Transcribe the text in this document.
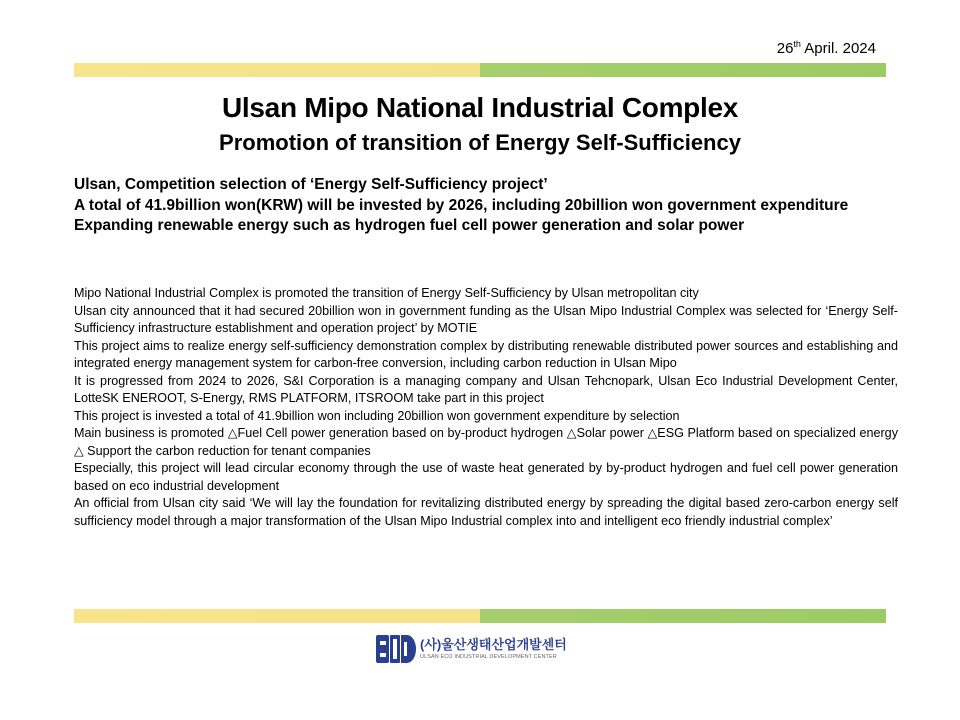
26th April. 2024
Ulsan Mipo National Industrial Complex
Promotion of transition of Energy Self-Sufficiency
Ulsan, Competition selection of ‘Energy Self-Sufficiency project’
A total of 41.9billion won(KRW) will be invested by 2026, including 20billion won government expenditure
Expanding renewable energy such as hydrogen fuel cell power generation and solar power

Mipo National Industrial Complex is promoted the transition of Energy Self-Sufficiency by Ulsan metropolitan city

Ulsan city announced that it had secured 20billion won in government funding as the Ulsan Mipo Industrial Complex was selected for ‘Energy Self-Sufficiency infrastructure establishment and operation project’ by MOTIE

This project aims to realize energy self-sufficiency demonstration complex by distributing renewable distributed power sources and establishing and integrated energy management system for carbon-free conversion, including carbon reduction in Ulsan Mipo

It is progressed from 2024 to 2026, S&I Corporation is a managing company and Ulsan Tehcnopark, Ulsan Eco Industrial Development Center, LotteSK ENEROOT, S-Energy, RMS PLATFORM, ITSROOM take part in this project

This project is invested a total of 41.9billion won including 20billion won government expenditure by selection

Main business is promoted △Fuel Cell power generation based on by-product hydrogen △Solar power △ESG Platform based on specialized energy △ Support the carbon reduction for tenant companies

Especially, this project will lead circular economy through the use of waste heat generated by by-product hydrogen and fuel cell power generation based on eco industrial development

An official from Ulsan city said ‘We will lay the foundation for revitalizing distributed energy by spreading the digital based zero-carbon energy self sufficiency model through a major transformation of the Ulsan Mipo Industrial complex into and intelligent eco friendly industrial complex’

(사)울산생태산업개발센터
ULSAN ECO INDUSTRIAL DEVELOPMENT CENTER
